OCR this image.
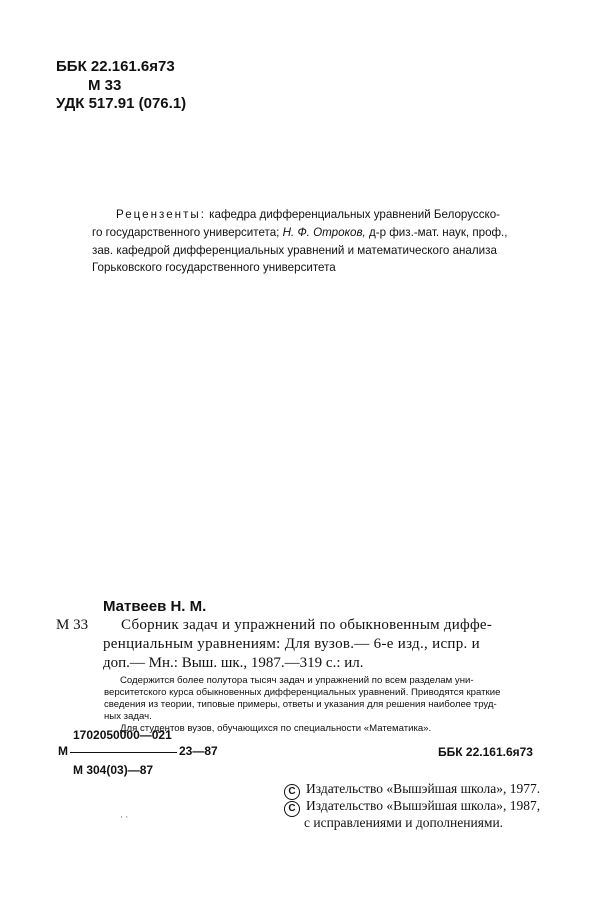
ББК 22.161.6я73
М 33
УДК 517.91 (076.1)
Рецензенты: кафедра дифференциальных уравнений Белорусско-
го государственного университета; Н. Ф. Отроков, д-р физ.-мат. наук, проф.,
зав. кафедрой дифференциальных уравнений и математического анализа
Горьковского государственного университета
Матвеев Н. М.
М 33 Сборник задач и упражнений по обыкновенным диффе-
ренциальным уравнениям: Для вузов.— 6-е изд., испр. и
доп.— Мн.: Выш. шк., 1987.—319 с.: ил.
Содержится более полутора тысяч задач и упражнений по всем разделам уни-
верситетского курса обыкновенных дифференциальных уравнений. Приводятся краткие
сведения из теории, типовые примеры, ответы и указания для решения наиболее труд-
ных задач.
Для студентов вузов, обучающихся по специальности «Математика».
1702050000—021
М	23—87
М 304(03)—87
ББК 22.161.6я73
C Издательство «Вышэйшая школа», 1977.
C Издательство «Вышэйшая школа», 1987,
с исправлениями и дополнениями.
· ·
